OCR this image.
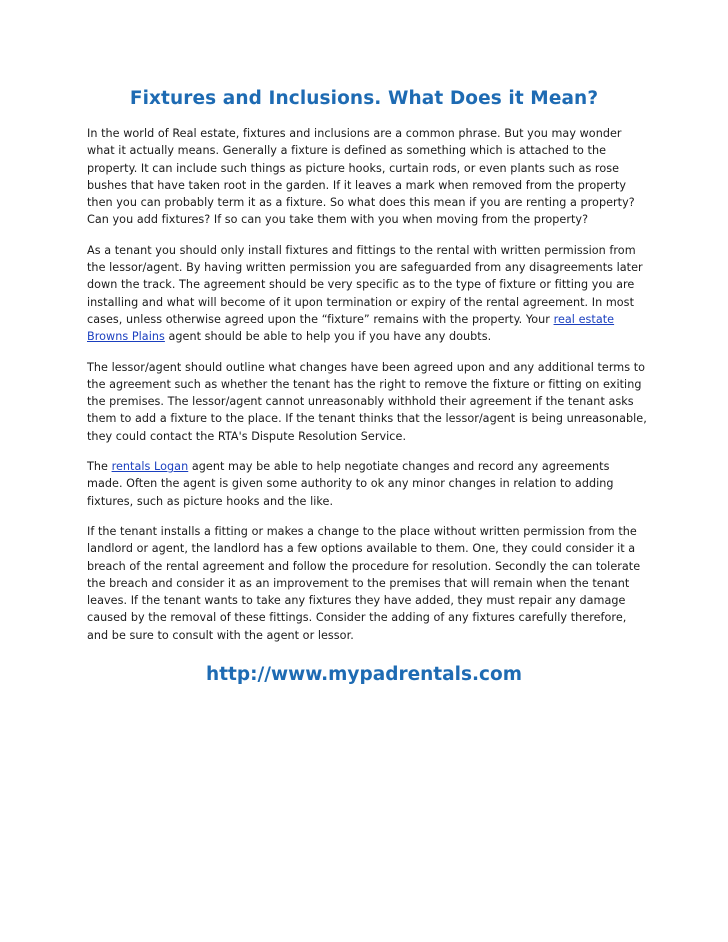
Fixtures and Inclusions. What Does it Mean?

In the world of Real estate, fixtures and inclusions are a common phrase. But you may wonder what it actually means. Generally a fixture is defined as something which is attached to the property. It can include such things as picture hooks, curtain rods, or even plants such as rose bushes that have taken root in the garden. If it leaves a mark when removed from the property then you can probably term it as a fixture. So what does this mean if you are renting a property? Can you add fixtures? If so can you take them with you when moving from the property?

As a tenant you should only install fixtures and fittings to the rental with written permission from the lessor/agent. By having written permission you are safeguarded from any disagreements later down the track. The agreement should be very specific as to the type of fixture or fitting you are installing and what will become of it upon termination or expiry of the rental agreement. In most cases, unless otherwise agreed upon the “fixture” remains with the property. Your real estate Browns Plains agent should be able to help you if you have any doubts.

The lessor/agent should outline what changes have been agreed upon and any additional terms to the agreement such as whether the tenant has the right to remove the fixture or fitting on exiting the premises. The lessor/agent cannot unreasonably withhold their agreement if the tenant asks them to add a fixture to the place. If the tenant thinks that the lessor/agent is being unreasonable, they could contact the RTA's Dispute Resolution Service.

The rentals Logan agent may be able to help negotiate changes and record any agreements made. Often the agent is given some authority to ok any minor changes in relation to adding fixtures, such as picture hooks and the like.

If the tenant installs a fitting or makes a change to the place without written permission from the landlord or agent, the landlord has a few options available to them. One, they could consider it a breach of the rental agreement and follow the procedure for resolution. Secondly the can tolerate the breach and consider it as an improvement to the premises that will remain when the tenant leaves. If the tenant wants to take any fixtures they have added, they must repair any damage caused by the removal of these fittings. Consider the adding of any fixtures carefully therefore, and be sure to consult with the agent or lessor.

http://www.mypadrentals.com
